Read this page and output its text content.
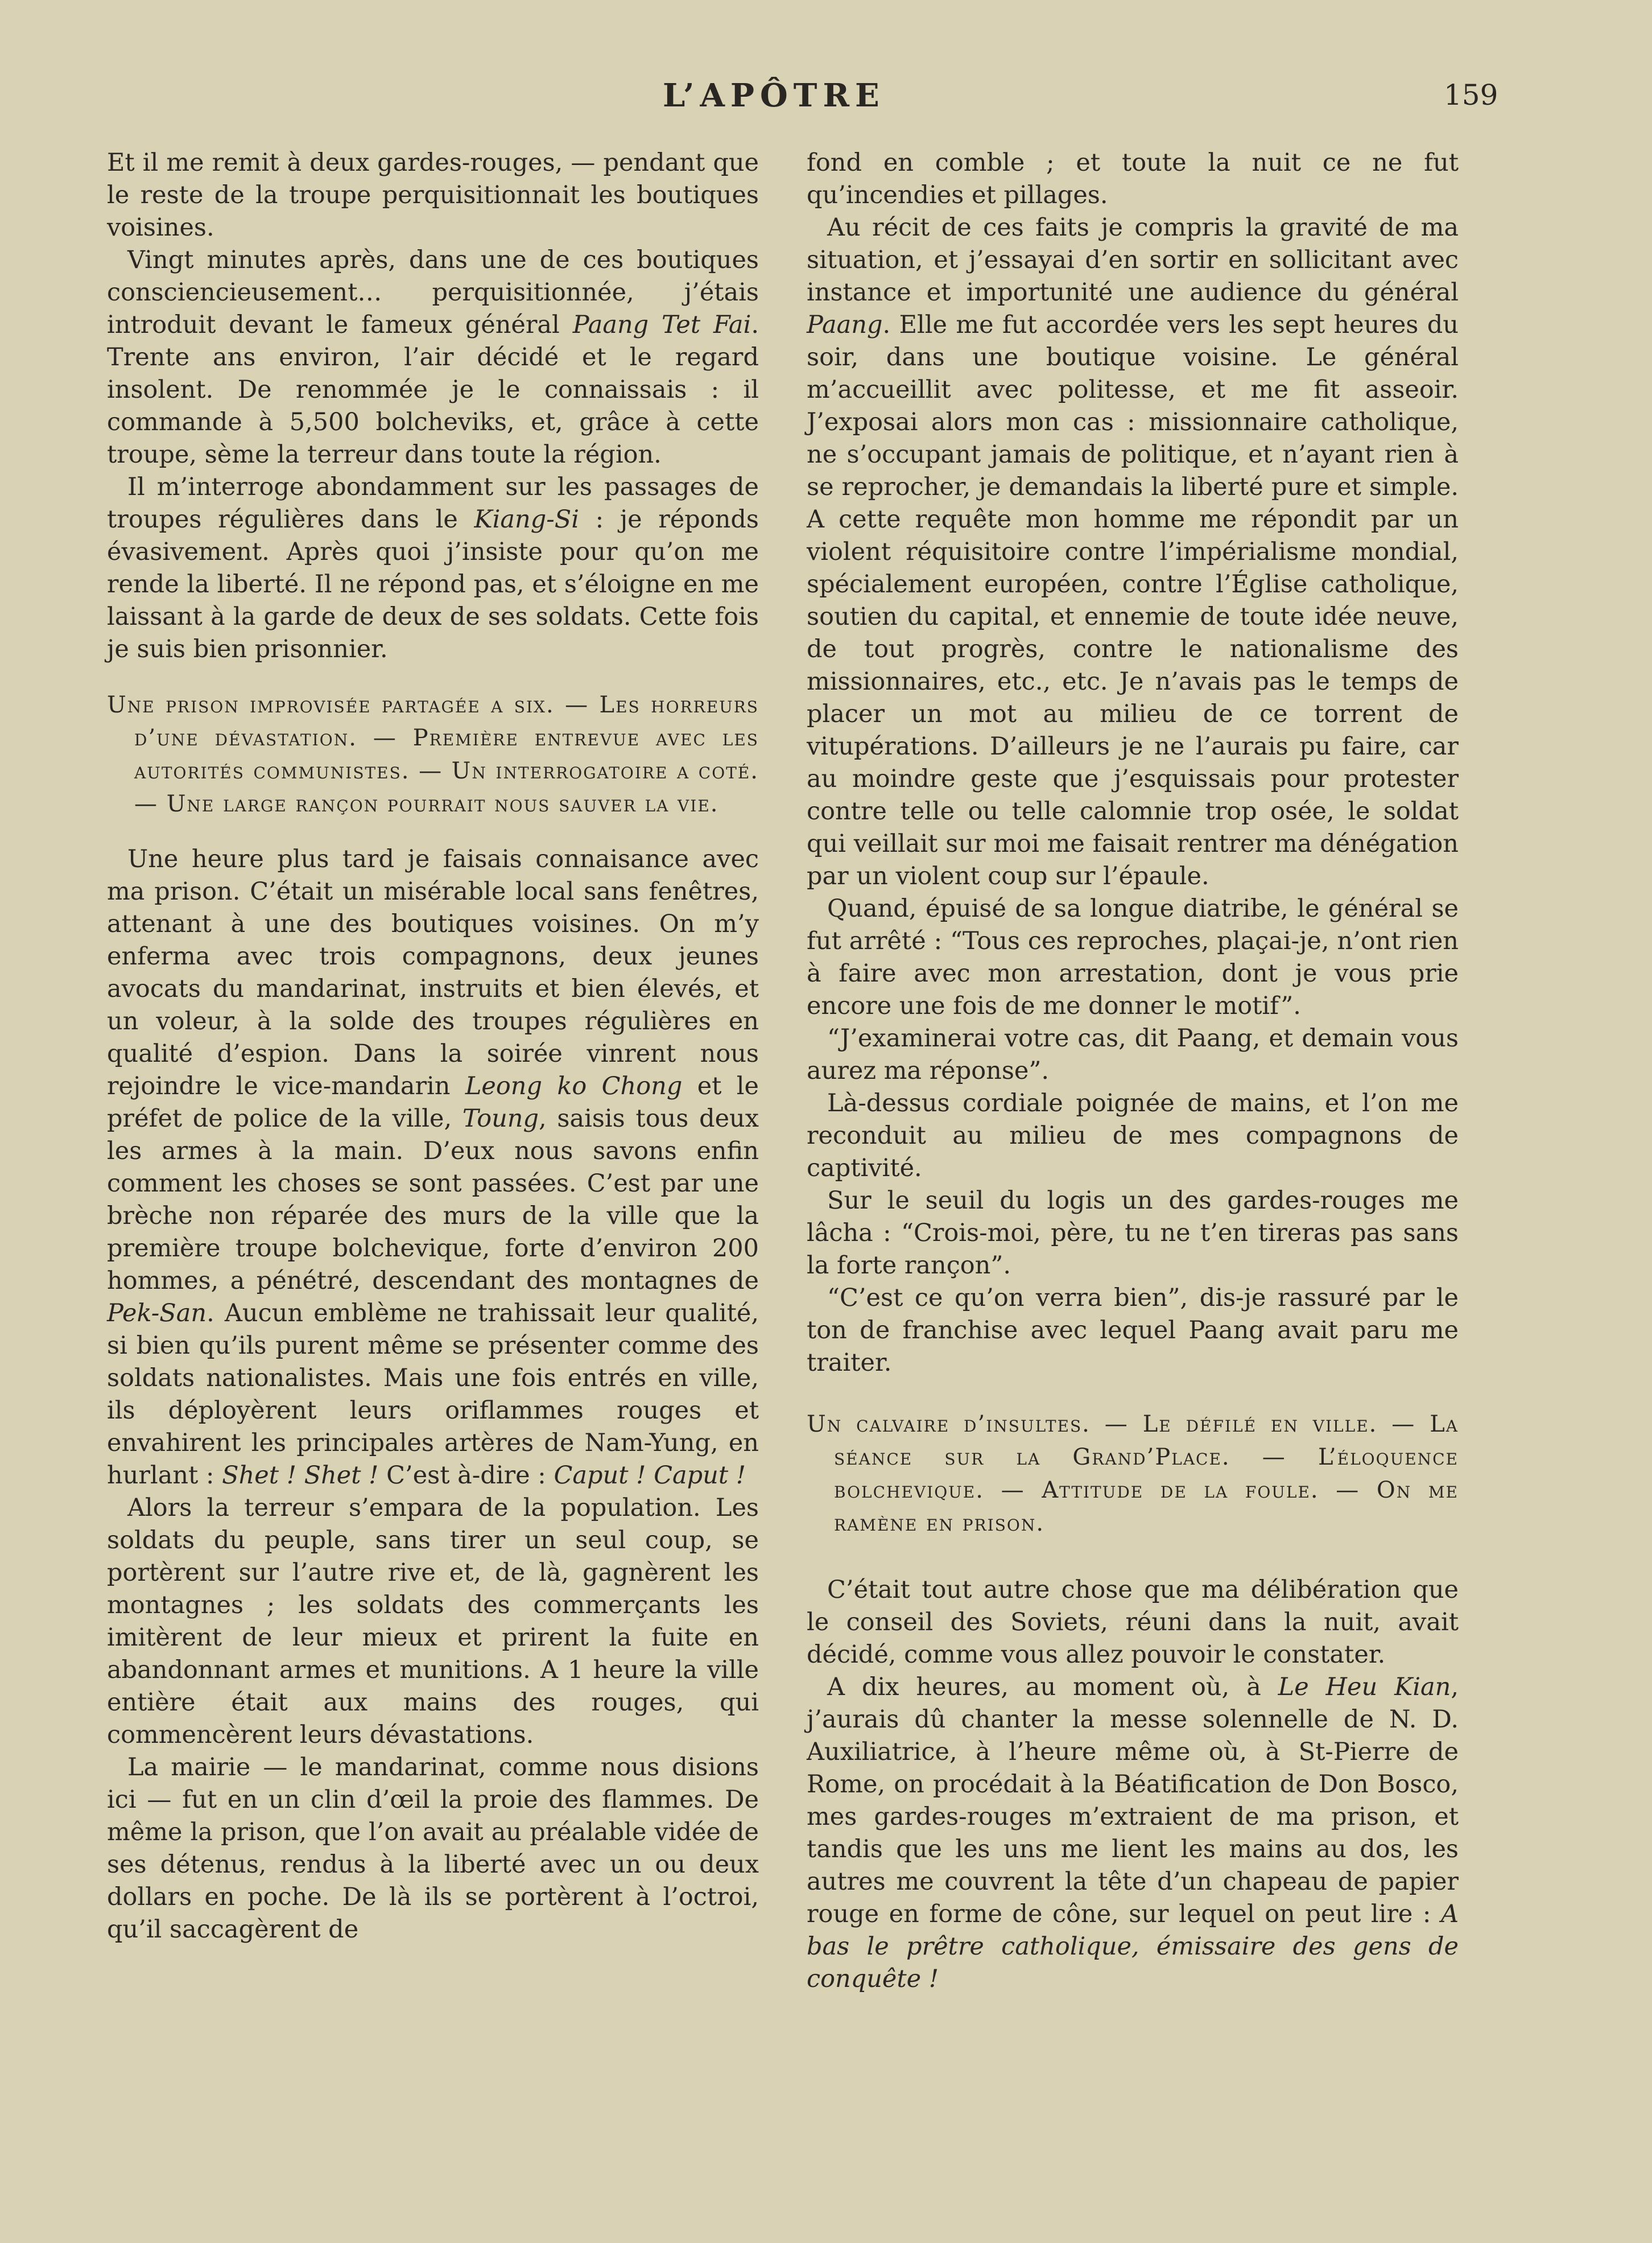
L’APÔTRE	159

Et il me remit à deux gardes-rouges, — pendant que le reste de la troupe perquisitionnait les boutiques voisines.

Vingt minutes après, dans une de ces boutiques consciencieusement… perquisitionnée, j’étais introduit devant le fameux général Paang Tet Fai. Trente ans environ, l’air décidé et le regard insolent. De renommée je le connaissais : il commande à 5,500 bolcheviks, et, grâce à cette troupe, sème la terreur dans toute la région.

Il m’interroge abondamment sur les passages de troupes régulières dans le Kiang-Si : je réponds évasivement. Après quoi j’insiste pour qu’on me rende la liberté. Il ne répond pas, et s’éloigne en me laissant à la garde de deux de ses soldats. Cette fois je suis bien prisonnier.

Une prison improvisée partagée a six. — Les horreurs d’une dévastation. — Première entrevue avec les autorités communistes. — Un interrogatoire a coté. — Une large rançon pourrait nous sauver la vie.

Une heure plus tard je faisais connaisance avec ma prison. C’était un misérable local sans fenêtres, attenant à une des boutiques voisines. On m’y enferma avec trois compagnons, deux jeunes avocats du mandarinat, instruits et bien élevés, et un voleur, à la solde des troupes régulières en qualité d’espion. Dans la soirée vinrent nous rejoindre le vice-mandarin Leong ko Chong et le préfet de police de la ville, Toung, saisis tous deux les armes à la main. D’eux nous savons enfin comment les choses se sont passées. C’est par une brèche non réparée des murs de la ville que la première troupe bolchevique, forte d’environ 200 hommes, a pénétré, descendant des montagnes de Pek-San. Aucun emblème ne trahissait leur qualité, si bien qu’ils purent même se présenter comme des soldats nationalistes. Mais une fois entrés en ville, ils déployèrent leurs oriflammes rouges et envahirent les principales artères de Nam-Yung, en hurlant : Shet ! Shet ! C’est à-dire : Caput ! Caput !

Alors la terreur s’empara de la population. Les soldats du peuple, sans tirer un seul coup, se portèrent sur l’autre rive et, de là, gagnèrent les montagnes ; les soldats des commerçants les imitèrent de leur mieux et prirent la fuite en abandonnant armes et munitions. A 1 heure la ville entière était aux mains des rouges, qui commencèrent leurs dévastations.

La mairie — le mandarinat, comme nous disions ici — fut en un clin d’œil la proie des flammes. De même la prison, que l’on avait au préalable vidée de ses détenus, rendus à la liberté avec un ou deux dollars en poche. De là ils se portèrent à l’octroi, qu’il saccagèrent de

fond en comble ; et toute la nuit ce ne fut qu’incendies et pillages.

Au récit de ces faits je compris la gravité de ma situation, et j’essayai d’en sortir en sollicitant avec instance et importunité une audience du général Paang. Elle me fut accordée vers les sept heures du soir, dans une boutique voisine. Le général m’accueillit avec politesse, et me fit asseoir. J’exposai alors mon cas : missionnaire catholique, ne s’occupant jamais de politique, et n’ayant rien à se reprocher, je demandais la liberté pure et simple. A cette requête mon homme me répondit par un violent réquisitoire contre l’impérialisme mondial, spécialement européen, contre l’Église catholique, soutien du capital, et ennemie de toute idée neuve, de tout progrès, contre le nationalisme des missionnaires, etc., etc. Je n’avais pas le temps de placer un mot au milieu de ce torrent de vitupérations. D’ailleurs je ne l’aurais pu faire, car au moindre geste que j’esquissais pour protester contre telle ou telle calomnie trop osée, le soldat qui veillait sur moi me faisait rentrer ma dénégation par un violent coup sur l’épaule.

Quand, épuisé de sa longue diatribe, le général se fut arrêté : “Tous ces reproches, plaçai-je, n’ont rien à faire avec mon arrestation, dont je vous prie encore une fois de me donner le motif”.

“J’examinerai votre cas, dit Paang, et demain vous aurez ma réponse”.

Là-dessus cordiale poignée de mains, et l’on me reconduit au milieu de mes compagnons de captivité.

Sur le seuil du logis un des gardes-rouges me lâcha : “Crois-moi, père, tu ne t’en tireras pas sans la forte rançon”.

“C’est ce qu’on verra bien”, dis-je rassuré par le ton de franchise avec lequel Paang avait paru me traiter.

Un calvaire d’insultes. — Le défilé en ville. — La séance sur la Grand’Place. — L’éloquence bolchevique. — Attitude de la foule. — On me ramène en prison.

C’était tout autre chose que ma délibération que le conseil des Soviets, réuni dans la nuit, avait décidé, comme vous allez pouvoir le constater.

A dix heures, au moment où, à Le Heu Kian, j’aurais dû chanter la messe solennelle de N. D. Auxiliatrice, à l’heure même où, à St-Pierre de Rome, on procédait à la Béatification de Don Bosco, mes gardes-rouges m’extraient de ma prison, et tandis que les uns me lient les mains au dos, les autres me couvrent la tête d’un chapeau de papier rouge en forme de cône, sur lequel on peut lire : A bas le prêtre catholique, émissaire des gens de conquête !
